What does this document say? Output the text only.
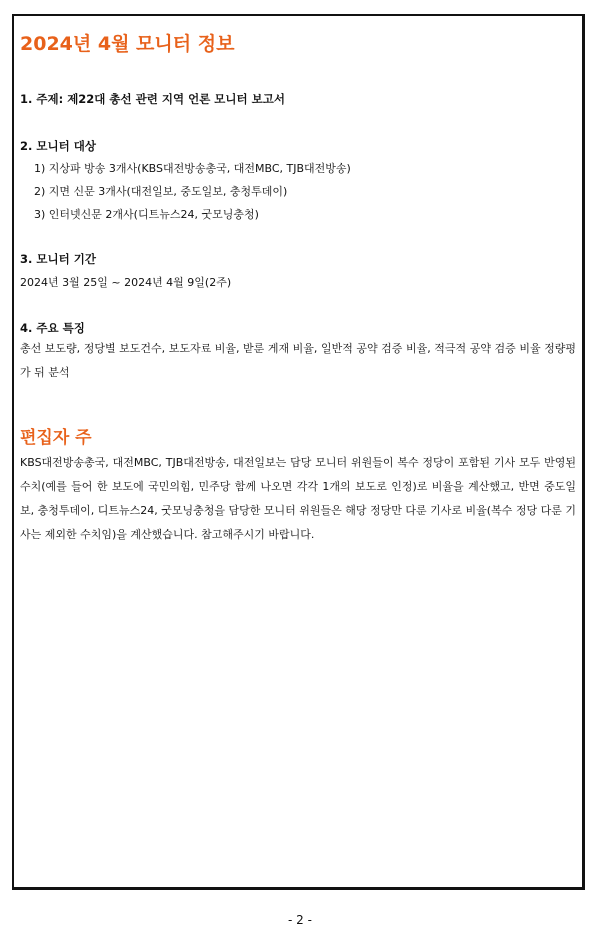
2024년 4월 모니터 정보
1. 주제: 제22대 총선 관련 지역 언론 모니터 보고서
2. 모니터 대상
1) 지상파 방송 3개사(KBS대전방송총국, 대전MBC, TJB대전방송)
2) 지면 신문 3개사(대전일보, 중도일보, 충청투데이)
3) 인터넷신문 2개사(디트뉴스24, 굿모닝충청)
3. 모니터 기간
2024년 3월 25일 ~ 2024년 4월 9일(2주)
4. 주요 특징
총선 보도량, 정당별 보도건수, 보도자료 비율, 받룬 게재 비율, 일반적 공약 검증 비율, 적극적 공약 검증 비율 정량평가 뒤 분석
편집자 주
KBS대전방송총국, 대전MBC, TJB대전방송, 대전일보는 담당 모니터 위원들이 복수 정당이 포함된 기사 모두 반영된 수치(예를 들어 한 보도에 국민의힘, 민주당 함께 나오면 각각 1개의 보도로 인정)로 비율을 계산했고, 반면 중도일보, 충청투데이, 디트뉴스24, 굿모닝충청을 담당한 모니터 위원들은 해당 정당만 다룬 기사로 비율(복수 정당 다룬 기사는 제외한 수치임)을 계산했습니다. 참고해주시기 바랍니다.
- 2 -
